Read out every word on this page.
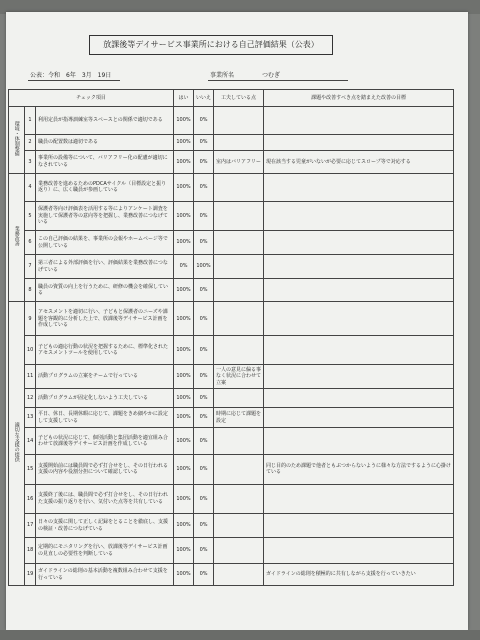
放課後等デイサービス事業所における自己評価結果（公表）
公表：令和　6年　3月　19日	事業所名	つむぎ
チェック項目			はい	いいえ	工夫している点	課題や改善すべき点を踏まえた改善の目標
環境・体制整備	1	利用定員が指導訓練室等スペースとの関係で適切である	100%	0%		
	2	職員の配置数は適切である	100%	0%		
	3	事業所の設備等について、バリアフリー化の配慮が適切になされている	100%	0%	室内はバリアフリー	現在該当する児童がいないが必要に応じてスロープ等で対応する
業務改善	4	業務改善を進めるためのPDCAサイクル（目標設定と振り返り）に、広く職員が参画している	100%	0%		
	5	保護者等向け評価表を活用する等によりアンケート調査を実施して保護者等の意向等を把握し、業務改善につなげている	100%	0%		
	6	この自己評価の結果を、事業所の会報やホームページ等で公開している	100%	0%		
	7	第三者による外部評価を行い、評価結果を業務改善につなげている	0%	100%		
	8	職員の資質の向上を行うために、研修の機会を確保している	100%	0%		
適切な支援の提供	9	アセスメントを適切に行い、子どもと保護者のニーズや課題を客観的に分析した上で、放課後等デイサービス計画を作成している	100%	0%		
	10	子どもの適応行動の状況を把握するために、標準化されたアセスメントツールを使用している	100%	0%		
	11	活動プログラムの立案をチームで行っている	100%	0%	一人の意見に偏る事なく状況に合わせて立案	
	12	活動プログラムが固定化しないよう工夫している	100%	0%		
	13	平日、休日、長期休暇に応じて、課題をきめ細やかに設定して支援している	100%	0%	時期に応じて課題を設定	
	14	子どもの状況に応じて、個別活動と集団活動を適宜組み合わせて放課後等デイサービス計画を作成している	100%	0%		
	15	支援開始前には職員間で必ず打合せをし、その日行われる支援の内容や役割分担について確認している	100%	0%		同じ目的のため課題で他者ともぶつからないように様々な方法でするように心掛けている
	16	支援終了後には、職員間で必ず打合せをし、その日行われた支援の振り返りを行い、気付いた点等を共有している	100%	0%		
	17	日々の支援に関して正しく記録をとることを徹底し、支援の検証・改善につなげている	100%	0%		
	18	定期的にモニタリングを行い、放課後等デイサービス計画の見直しの必要性を判断している	100%	0%		
	19	ガイドラインの総則の基本活動を複数組み合わせて支援を行っている	100%	0%		ガイドラインの総則を積極的に共有しながら支援を行っていきたい
